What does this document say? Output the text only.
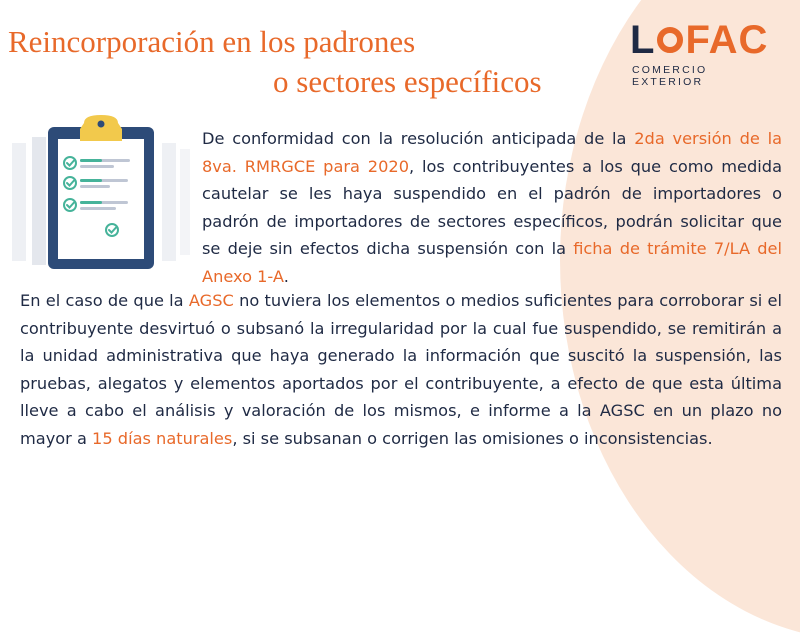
Reincorporación en los padrones
o sectores específicos
L FAC
COMERCIO EXTERIOR

De conformidad con la resolución anticipada de la 2da versión de la 8va. RMRGCE para 2020, los contribuyentes a los que como medida cautelar se les haya suspendido en el padrón de importadores o padrón de importadores de sectores específicos, podrán solicitar que se deje sin efectos dicha suspensión con la ficha de trámite 7/LA del Anexo 1-A.

En el caso de que la AGSC no tuviera los elementos o medios suficientes para corroborar si el contribuyente desvirtuó o subsanó la irregularidad por la cual fue suspendido, se remitirán a la unidad administrativa que haya generado la información que suscitó la suspensión, las pruebas, alegatos y elementos aportados por el contribuyente, a efecto de que esta última lleve a cabo el análisis y valoración de los mismos, e informe a la AGSC en un plazo no mayor a 15 días naturales, si se subsanan o corrigen las omisiones o inconsistencias.
